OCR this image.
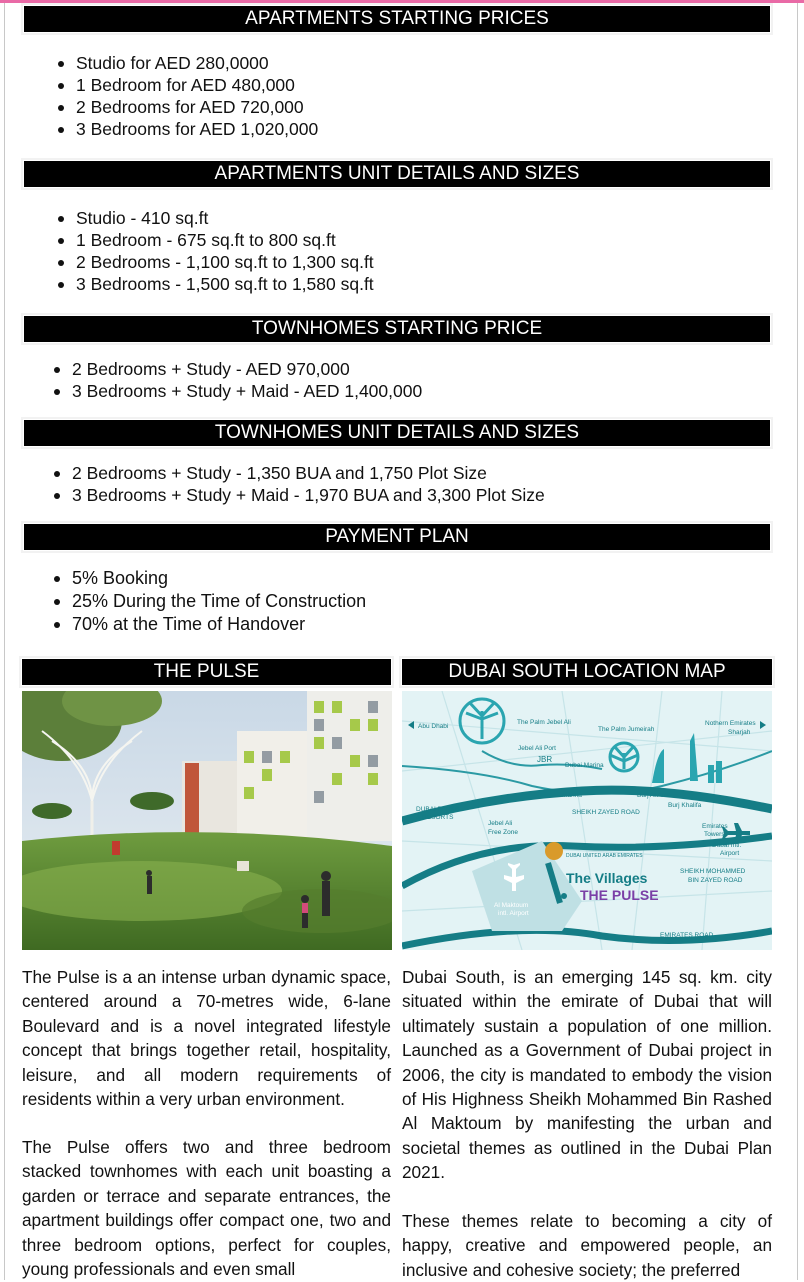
APARTMENTS STARTING PRICES
Studio for AED 280,0000
1 Bedroom for AED 480,000
2 Bedrooms for AED 720,000
3 Bedrooms for AED 1,020,000
APARTMENTS UNIT DETAILS AND SIZES
Studio - 410 sq.ft
1 Bedroom - 675 sq.ft to 800 sq.ft
2 Bedrooms - 1,100 sq.ft to 1,300 sq.ft
3 Bedrooms - 1,500 sq.ft to 1,580 sq.ft
TOWNHOMES STARTING PRICE
2 Bedrooms + Study - AED 970,000
3 Bedrooms + Study + Maid - AED 1,400,000
TOWNHOMES UNIT DETAILS AND SIZES
2 Bedrooms + Study - 1,350 BUA and 1,750 Plot Size
3 Bedrooms + Study + Maid - 1,970 BUA and 3,300 Plot Size
PAYMENT PLAN
5% Booking
25% During the Time of Construction
70% at the Time of Handover
THE PULSE	DUBAI SOUTH LOCATION MAP
Abu Dhabi
The Palm Jebel Ali
The Palm Jumeirah
Nothern Emirates
Sharjah
Jebel Ali Port
Dubai Marina
Burj Al Arab
Burj Khalifa
Marina
DUBAI PARKS
& RESORTS
SHEIKH ZAYED ROAD
Jebel Ali
Free Zone
Emirates
Towers
Dubai Intl.
Airport
SHEIKH MOHAMMED
BIN ZAYED ROAD
EMIRATES ROAD
EXPO 2020	إكسبو
DUBAI UNITED ARAB EMIRATES
JBR
Al Maktoum
intl. Airport
The Villages
THE PULSE

The Pulse is a an intense urban dynamic space, centered around a 70-metres wide, 6-lane Boulevard and is a novel integrated lifestyle concept that brings together retail, hospitality, leisure, and all modern requirements of residents within a very urban environment.

The Pulse offers two and three bedroom stacked townhomes with each unit boasting a garden or terrace and separate entrances, the apartment buildings offer compact one, two and three bedroom options, perfect for couples, young professionals and even small

Dubai South, is an emerging 145 sq. km. city situated within the emirate of Dubai that will ultimately sustain a population of one million. Launched as a Government of Dubai project in 2006, the city is mandated to embody the vision of His Highness Sheikh Mohammed Bin Rashed Al Maktoum by manifesting the urban and societal themes as outlined in the Dubai Plan 2021.

These themes relate to becoming a city of happy, creative and empowered people, an inclusive and cohesive society; the preferred
